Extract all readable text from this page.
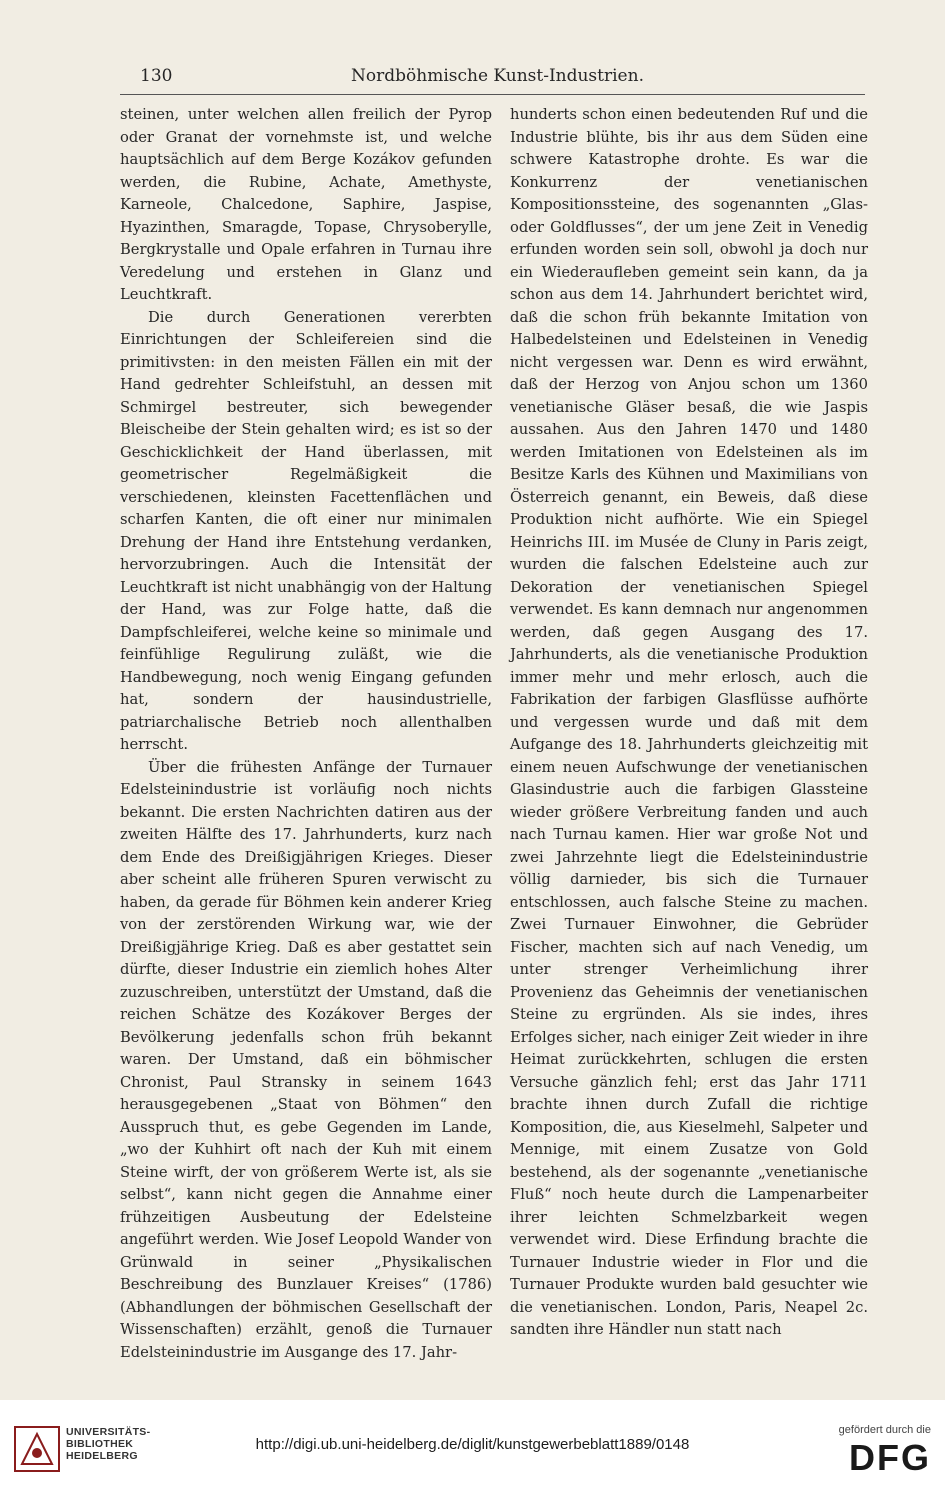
130	Nordböhmische Kunst-Industrien.

steinen, unter welchen allen freilich der Pyrop oder Granat der vornehmste ist, und welche hauptsächlich auf dem Berge Kozákov gefunden werden, die Rubine, Achate, Amethyste, Karneole, Chalcedone, Saphire, Jaspise, Hyazinthen, Smaragde, Topase, Chrysoberylle, Bergkrystalle und Opale erfahren in Turnau ihre Veredelung und erstehen in Glanz und Leuchtkraft.

Die durch Generationen vererbten Einrichtungen der Schleifereien sind die primitivsten: in den meisten Fällen ein mit der Hand gedrehter Schleifstuhl, an dessen mit Schmirgel bestreuter, sich bewegender Bleischeibe der Stein gehalten wird; es ist so der Geschicklichkeit der Hand überlassen, mit geometrischer Regelmäßigkeit die verschiedenen, kleinsten Facettenflächen und scharfen Kanten, die oft einer nur minimalen Drehung der Hand ihre Entstehung verdanken, hervorzubringen. Auch die Intensität der Leuchtkraft ist nicht unabhängig von der Haltung der Hand, was zur Folge hatte, daß die Dampfschleiferei, welche keine so minimale und feinfühlige Regulirung zuläßt, wie die Handbewegung, noch wenig Eingang gefunden hat, sondern der hausindustrielle, patriarchalische Betrieb noch allenthalben herrscht.

Über die frühesten Anfänge der Turnauer Edelsteinindustrie ist vorläufig noch nichts bekannt. Die ersten Nachrichten datiren aus der zweiten Hälfte des 17. Jahrhunderts, kurz nach dem Ende des Dreißigjährigen Krieges. Dieser aber scheint alle früheren Spuren verwischt zu haben, da gerade für Böhmen kein anderer Krieg von der zerstörenden Wirkung war, wie der Dreißigjährige Krieg. Daß es aber gestattet sein dürfte, dieser Industrie ein ziemlich hohes Alter zuzuschreiben, unterstützt der Umstand, daß die reichen Schätze des Kozákover Berges der Bevölkerung jedenfalls schon früh bekannt waren. Der Umstand, daß ein böhmischer Chronist, Paul Stransky in seinem 1643 herausgegebenen „Staat von Böhmen“ den Ausspruch thut, es gebe Gegenden im Lande, „wo der Kuhhirt oft nach der Kuh mit einem Steine wirft, der von größerem Werte ist, als sie selbst“, kann nicht gegen die Annahme einer frühzeitigen Ausbeutung der Edelsteine angeführt werden. Wie Josef Leopold Wander von Grünwald in seiner „Physikalischen Beschreibung des Bunzlauer Kreises“ (1786) (Abhandlungen der böhmischen Gesellschaft der Wissenschaften) erzählt, genoß die Turnauer Edelsteinindustrie im Ausgange des 17. Jahr-

hunderts schon einen bedeutenden Ruf und die Industrie blühte, bis ihr aus dem Süden eine schwere Katastrophe drohte. Es war die Konkurrenz der venetianischen Kompositionssteine, des sogenannten „Glas- oder Goldflusses“, der um jene Zeit in Venedig erfunden worden sein soll, obwohl ja doch nur ein Wiederaufleben gemeint sein kann, da ja schon aus dem 14. Jahrhundert berichtet wird, daß die schon früh bekannte Imitation von Halbedelsteinen und Edelsteinen in Venedig nicht vergessen war. Denn es wird erwähnt, daß der Herzog von Anjou schon um 1360 venetianische Gläser besaß, die wie Jaspis aussahen. Aus den Jahren 1470 und 1480 werden Imitationen von Edelsteinen als im Besitze Karls des Kühnen und Maximilians von Österreich genannt, ein Beweis, daß diese Produktion nicht aufhörte. Wie ein Spiegel Heinrichs III. im Musée de Cluny in Paris zeigt, wurden die falschen Edelsteine auch zur Dekoration der venetianischen Spiegel verwendet. Es kann demnach nur angenommen werden, daß gegen Ausgang des 17. Jahrhunderts, als die venetianische Produktion immer mehr und mehr erlosch, auch die Fabrikation der farbigen Glasflüsse aufhörte und vergessen wurde und daß mit dem Aufgange des 18. Jahrhunderts gleichzeitig mit einem neuen Aufschwunge der venetianischen Glasindustrie auch die farbigen Glassteine wieder größere Verbreitung fanden und auch nach Turnau kamen. Hier war große Not und zwei Jahrzehnte liegt die Edelsteinindustrie völlig darnieder, bis sich die Turnauer entschlossen, auch falsche Steine zu machen. Zwei Turnauer Einwohner, die Gebrüder Fischer, machten sich auf nach Venedig, um unter strenger Verheimlichung ihrer Provenienz das Geheimnis der venetianischen Steine zu ergründen. Als sie indes, ihres Erfolges sicher, nach einiger Zeit wieder in ihre Heimat zurückkehrten, schlugen die ersten Versuche gänzlich fehl; erst das Jahr 1711 brachte ihnen durch Zufall die richtige Komposition, die, aus Kieselmehl, Salpeter und Mennige, mit einem Zusatze von Gold bestehend, als der sogenannte „venetianische Fluß“ noch heute durch die Lampenarbeiter ihrer leichten Schmelzbarkeit wegen verwendet wird. Diese Erfindung brachte die Turnauer Industrie wieder in Flor und die Turnauer Produkte wurden bald gesuchter wie die venetianischen. London, Paris, Neapel 2c. sandten ihre Händler nun statt nach

UNIVERSITÄTS-
BIBLIOTHEK
HEIDELBERG
http://digi.ub.uni-heidelberg.de/diglit/kunstgewerbeblatt1889/0148
gefördert durch die
DFG
